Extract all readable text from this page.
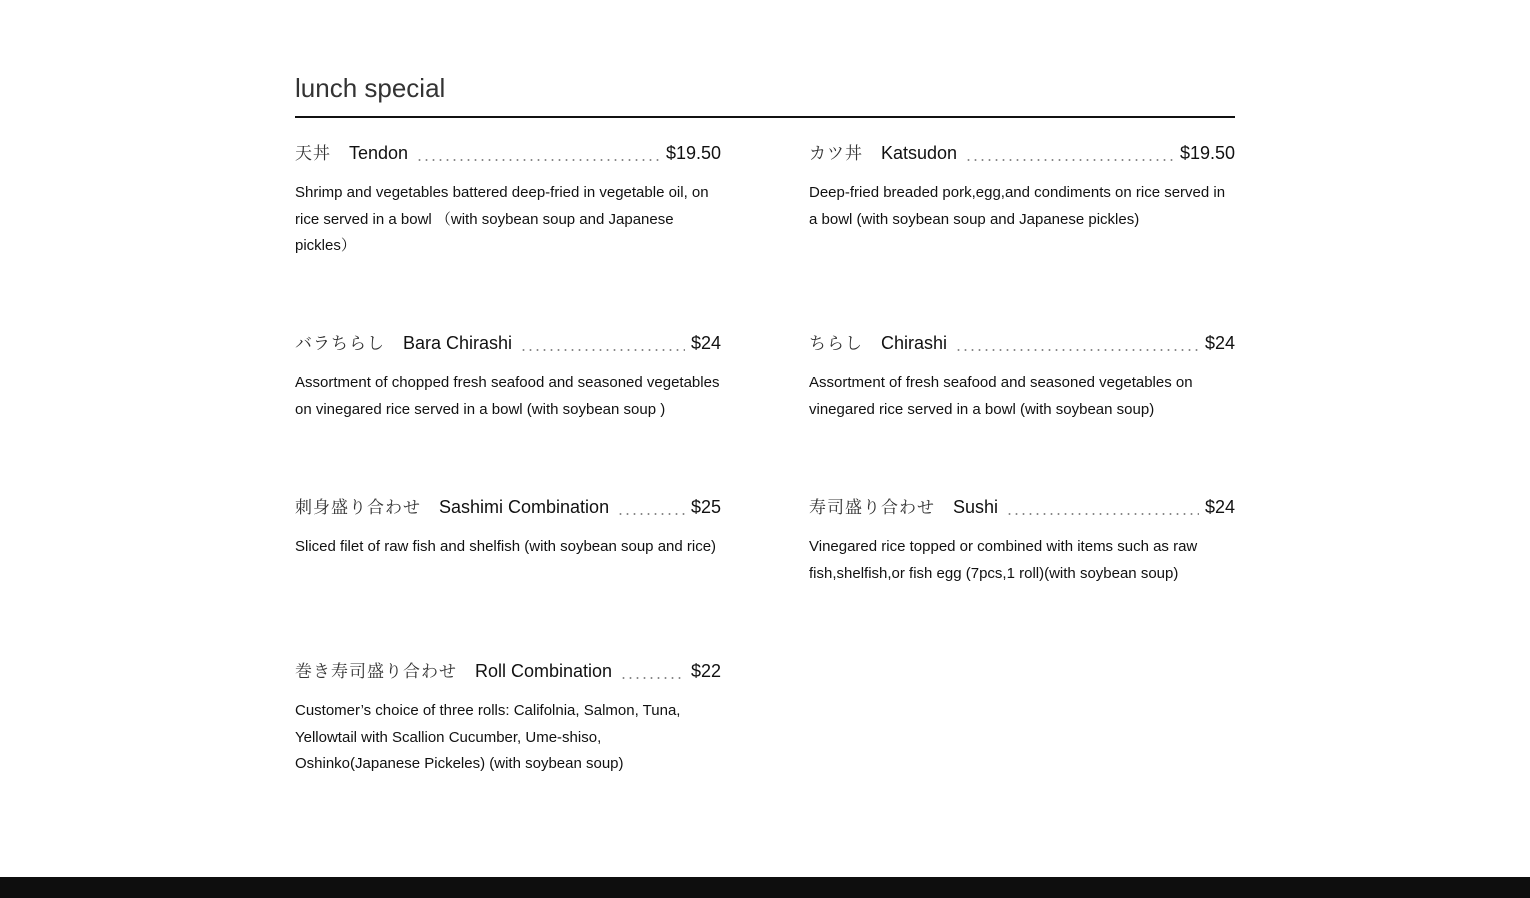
lunch special
天丼 Tendon	$19.50
Shrimp and vegetables battered deep-fried in vegetable oil, on rice served in a bowl （with soybean soup and Japanese pickles）
カツ丼 Katsudon	$19.50
Deep-fried breaded pork,egg,and condiments on rice served in a bowl (with soybean soup and Japanese pickles)
バラちらし Bara Chirashi	$24
Assortment of chopped fresh seafood and seasoned vegetables on vinegared rice served in a bowl (with soybean soup )
ちらし Chirashi	$24
Assortment of fresh seafood and seasoned vegetables on vinegared rice served in a bowl (with soybean soup)
刺身盛り合わせ Sashimi Combination	$25
Sliced filet of raw fish and shelfish (with soybean soup and rice)
寿司盛り合わせ Sushi	$24
Vinegared rice topped or combined with items such as raw fish,shelfish,or fish egg (7pcs,1 roll)(with soybean soup)
巻き寿司盛り合わせ Roll Combination	$22
Customer’s choice of three rolls: Califolnia, Salmon, Tuna, Yellowtail with Scallion Cucumber, Ume-shiso, Oshinko(Japanese Pickeles) (with soybean soup)
